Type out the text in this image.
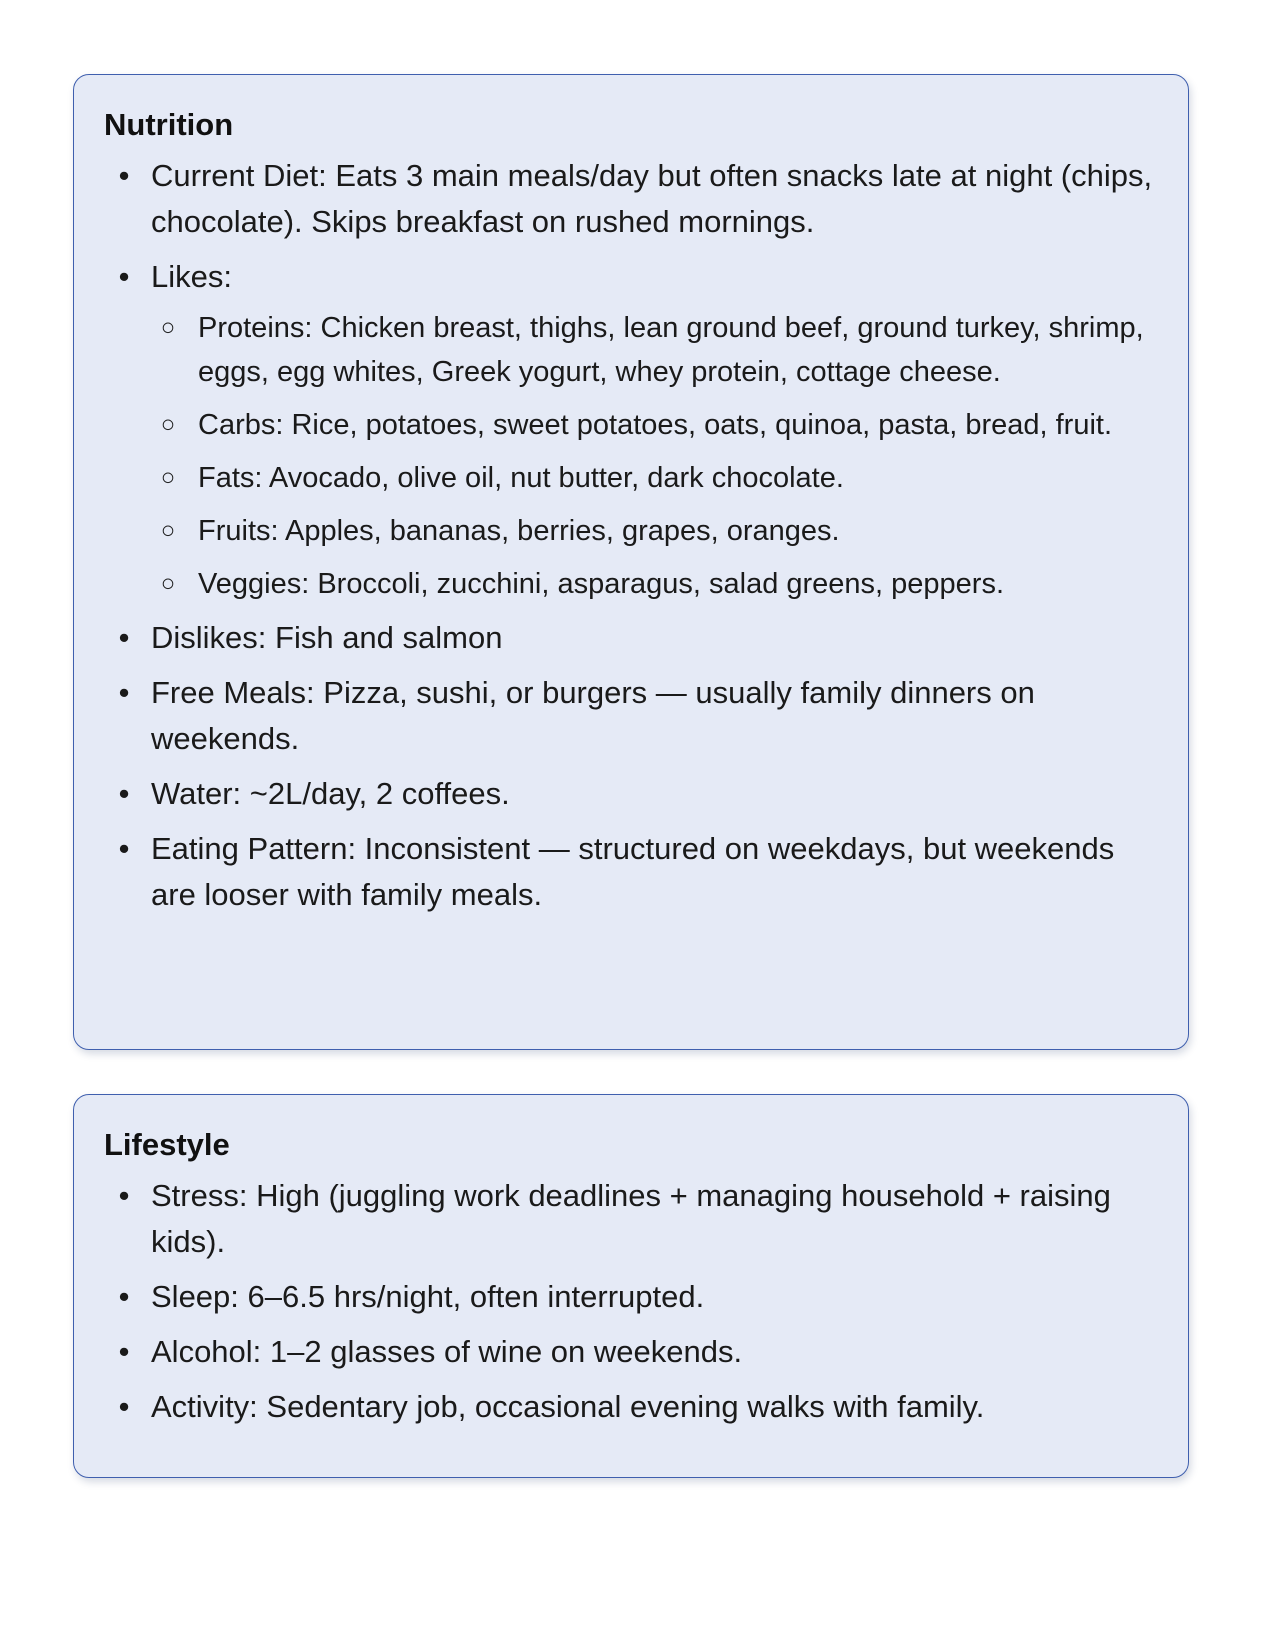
Nutrition
• Current Diet: Eats 3 main meals/day but often snacks late at night (chips, chocolate). Skips breakfast on rushed mornings.
• Likes:
○ Proteins: Chicken breast, thighs, lean ground beef, ground turkey, shrimp, eggs, egg whites, Greek yogurt, whey protein, cottage cheese.
○ Carbs: Rice, potatoes, sweet potatoes, oats, quinoa, pasta, bread, fruit.
○ Fats: Avocado, olive oil, nut butter, dark chocolate.
○ Fruits: Apples, bananas, berries, grapes, oranges.
○ Veggies: Broccoli, zucchini, asparagus, salad greens, peppers.
• Dislikes: Fish and salmon
• Free Meals: Pizza, sushi, or burgers — usually family dinners on weekends.
• Water: ~2L/day, 2 coffees.
• Eating Pattern: Inconsistent — structured on weekdays, but weekends are looser with family meals.
Lifestyle
• Stress: High (juggling work deadlines + managing household + raising kids).
• Sleep: 6–6.5 hrs/night, often interrupted.
• Alcohol: 1–2 glasses of wine on weekends.
• Activity: Sedentary job, occasional evening walks with family.
